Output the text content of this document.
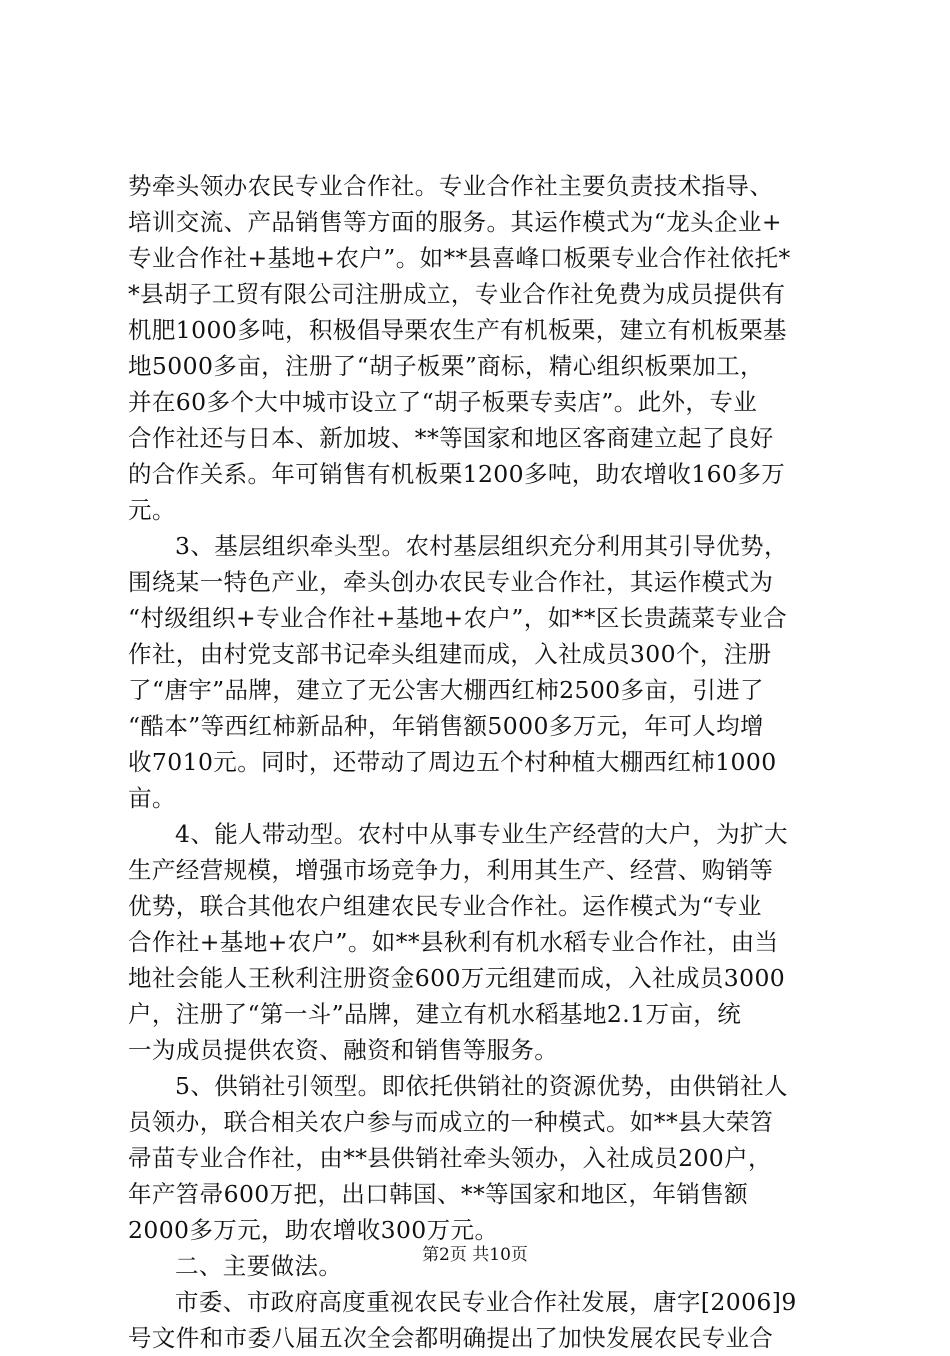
势牵头领办农民专业合作社。专业合作社主要负责技术指导、
培训交流、产品销售等方面的服务。其运作模式为“龙头企业+
专业合作社+基地+农户”。如**县喜峰口板栗专业合作社依托*
*县胡子工贸有限公司注册成立，专业合作社免费为成员提供有
机肥1000多吨，积极倡导栗农生产有机板栗，建立有机板栗基
地5000多亩，注册了“胡子板栗”商标，精心组织板栗加工，
并在60多个大中城市设立了“胡子板栗专卖店”。此外，专业
合作社还与日本、新加坡、**等国家和地区客商建立起了良好
的合作关系。年可销售有机板栗1200多吨，助农增收160多万
元。
3、基层组织牵头型。农村基层组织充分利用其引导优势，
围绕某一特色产业，牵头创办农民专业合作社，其运作模式为
“村级组织+专业合作社+基地+农户”，如**区长贵蔬菜专业合
作社，由村党支部书记牵头组建而成，入社成员300个，注册
了“唐宇”品牌，建立了无公害大棚西红柿2500多亩，引进了
“酷本”等西红柿新品种，年销售额5000多万元，年可人均增
收7010元。同时，还带动了周边五个村种植大棚西红柿1000
亩。
4、能人带动型。农村中从事专业生产经营的大户，为扩大
生产经营规模，增强市场竞争力，利用其生产、经营、购销等
优势，联合其他农户组建农民专业合作社。运作模式为“专业
合作社+基地+农户”。如**县秋利有机水稻专业合作社，由当
地社会能人王秋利注册资金600万元组建而成，入社成员3000
户，注册了“第一斗”品牌，建立有机水稻基地2.1万亩，统
一为成员提供农资、融资和销售等服务。
5、供销社引领型。即依托供销社的资源优势，由供销社人
员领办，联合相关农户参与而成立的一种模式。如**县大荣笤
帚苗专业合作社，由**县供销社牵头领办，入社成员200户，
年产笤帚600万把，出口韩国、**等国家和地区，年销售额
2000多万元，助农增收300万元。
二、主要做法。
市委、市政府高度重视农民专业合作社发展，唐字[2006]9
号文件和市委八届五次全会都明确提出了加快发展农民专业合
第2页 共10页
